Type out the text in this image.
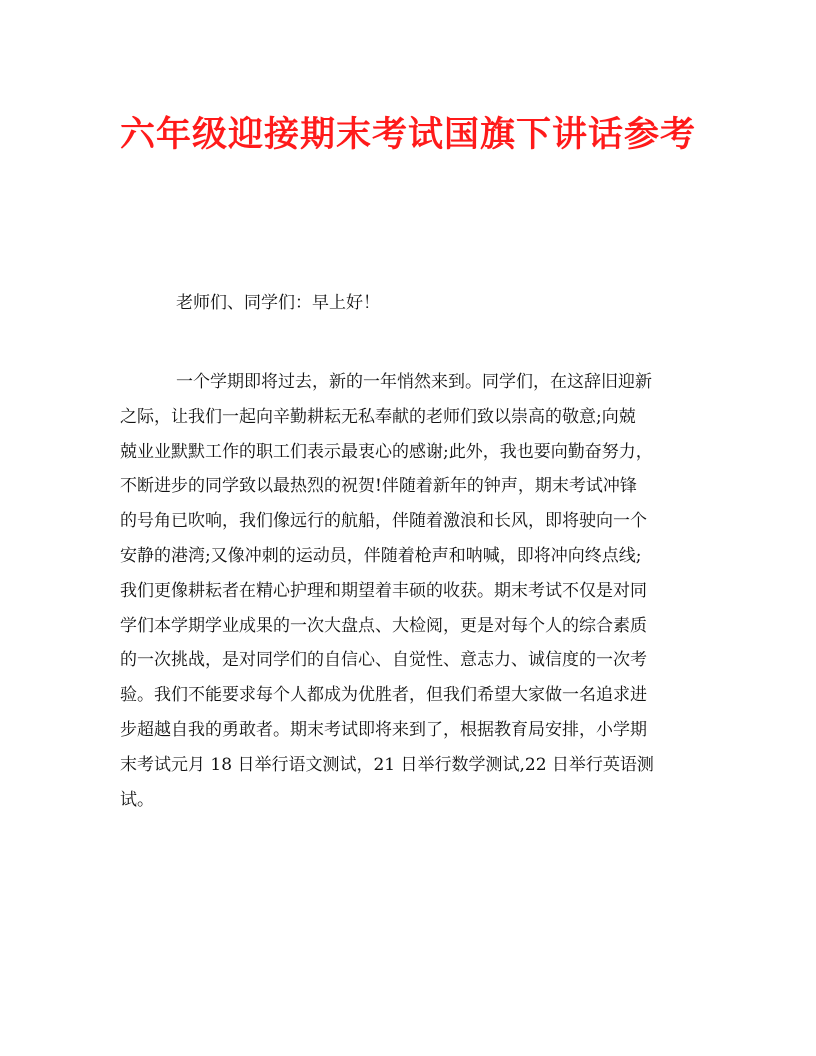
六年级迎接期末考试国旗下讲话参考

老师们、同学们：早上好！

一个学期即将过去，新的一年悄然来到。同学们，在这辞旧迎新
之际，让我们一起向辛勤耕耘无私奉献的老师们致以崇高的敬意;向兢
兢业业默默工作的职工们表示最衷心的感谢;此外，我也要向勤奋努力，
不断进步的同学致以最热烈的祝贺!伴随着新年的钟声，期末考试冲锋
的号角已吹响，我们像远行的航船，伴随着激浪和长风，即将驶向一个
安静的港湾;又像冲刺的运动员，伴随着枪声和呐喊，即将冲向终点线;
我们更像耕耘者在精心护理和期望着丰硕的收获。期末考试不仅是对同
学们本学期学业成果的一次大盘点、大检阅，更是对每个人的综合素质
的一次挑战，是对同学们的自信心、自觉性、意志力、诚信度的一次考
验。我们不能要求每个人都成为优胜者，但我们希望大家做一名追求进
步超越自我的勇敢者。期末考试即将来到了，根据教育局安排，小学期
末考试元月 18 日举行语文测试，21 日举行数学测试,22 日举行英语测
试。
